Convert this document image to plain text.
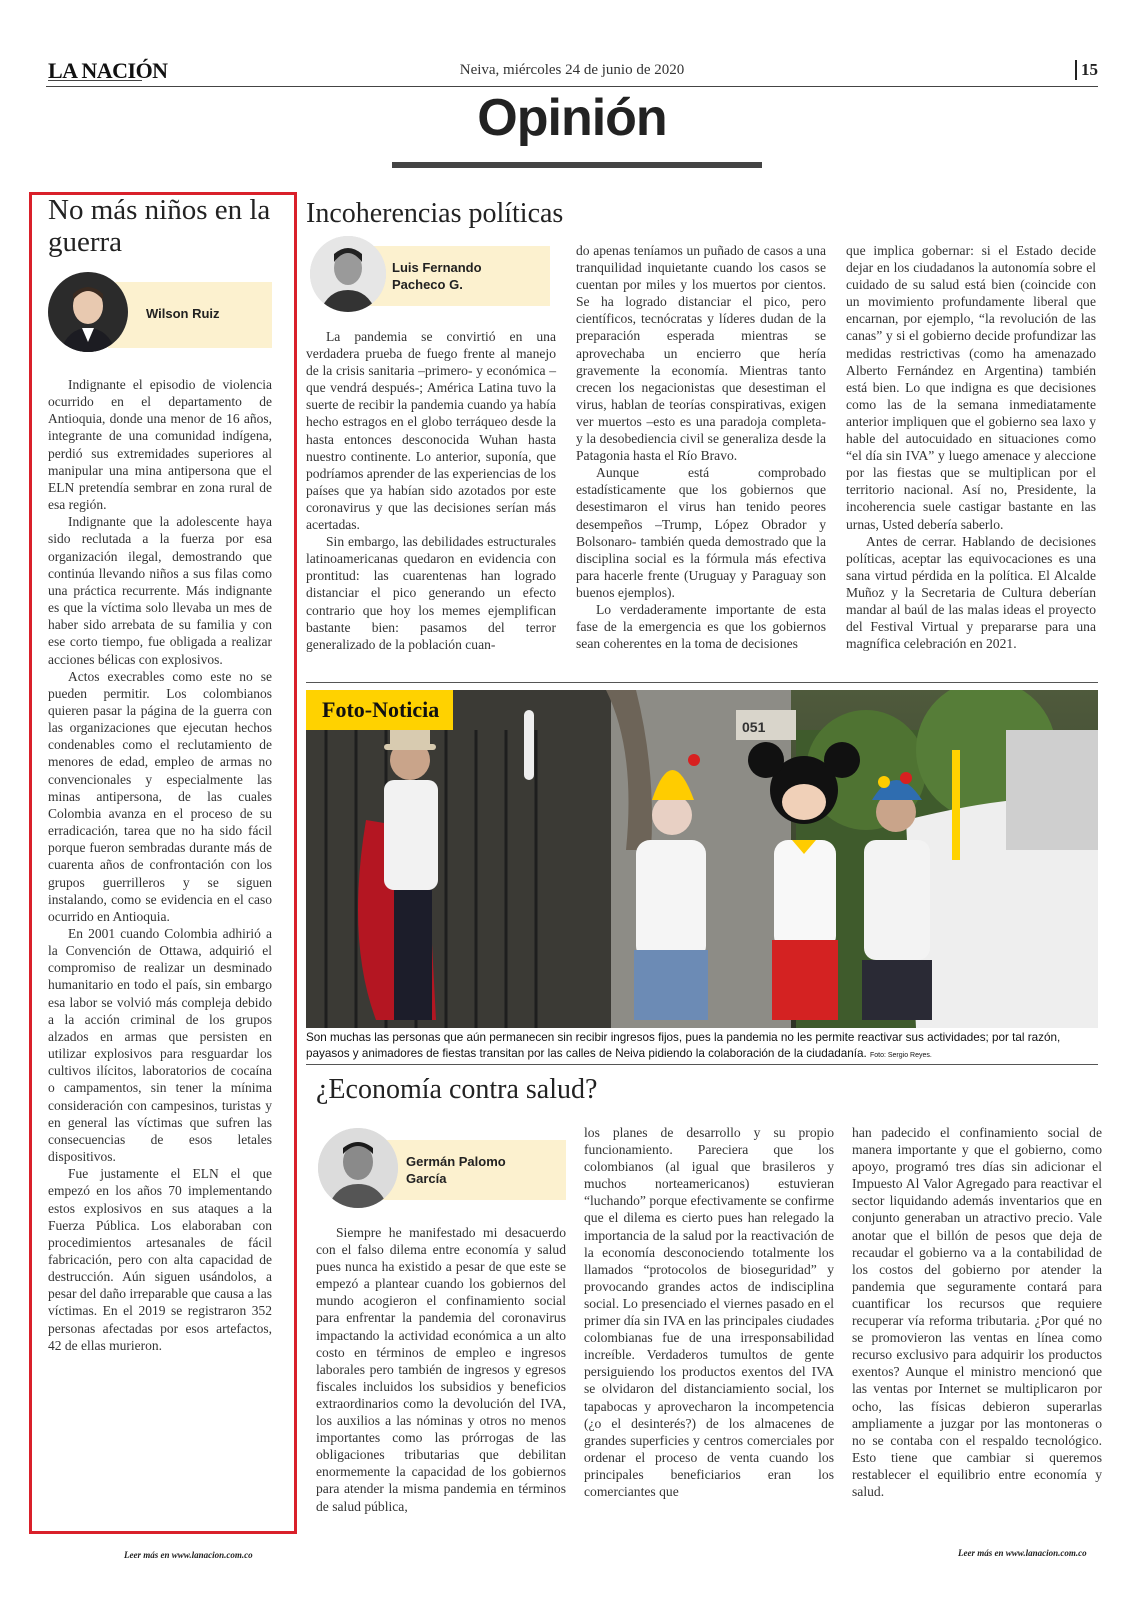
LA NACIÓN	Neiva, miércoles 24 de junio de 2020	15
Opinión
No más niños en la guerra
Wilson Ruiz

Indignante el episodio de violencia ocurrido en el departamento de Antioquia, donde una menor de 16 años, integrante de una comunidad indígena, perdió sus extremidades superiores al manipular una mina antipersona que el ELN pretendía sembrar en zona rural de esa región.

Indignante que la adolescente haya sido reclutada a la fuerza por esa organización ilegal, demostrando que continúa llevando niños a sus filas como una práctica recurrente. Más indignante es que la víctima solo llevaba un mes de haber sido arrebata de su familia y con ese corto tiempo, fue obligada a realizar acciones bélicas con explosivos.

Actos execrables como este no se pueden permitir. Los colombianos quieren pasar la página de la guerra con las organizaciones que ejecutan hechos condenables como el reclutamiento de menores de edad, empleo de armas no convencionales y especialmente las minas antipersona, de las cuales Colombia avanza en el proceso de su erradicación, tarea que no ha sido fácil porque fueron sembradas durante más de cuarenta años de confrontación con los grupos guerrilleros y se siguen instalando, como se evidencia en el caso ocurrido en Antioquia.

En 2001 cuando Colombia adhirió a la Convención de Ottawa, adquirió el compromiso de realizar un desminado humanitario en todo el país, sin embargo esa labor se volvió más compleja debido a la acción criminal de los grupos alzados en armas que persisten en utilizar explosivos para resguardar los cultivos ilícitos, laboratorios de cocaína o campamentos, sin tener la mínima consideración con campesinos, turistas y en general las víctimas que sufren las consecuencias de esos letales dispositivos.

Fue justamente el ELN el que empezó en los años 70 implementando estos explosivos en sus ataques a la Fuerza Pública. Los elaboraban con procedimientos artesanales de fácil fabricación, pero con alta capacidad de destrucción. Aún siguen usándolos, a pesar del daño irreparable que causa a las víctimas. En el 2019 se registraron 352 personas afectadas por esos artefactos, 42 de ellas murieron.

Leer más en www.lanacion.com.co
Incoherencias políticas
Luis Fernando
Pacheco G.

La pandemia se convirtió en una verdadera prueba de fuego frente al manejo de la crisis sanitaria –primero- y económica –que vendrá después-; América Latina tuvo la suerte de recibir la pandemia cuando ya había hecho estragos en el globo terráqueo desde la hasta entonces desconocida Wuhan hasta nuestro continente. Lo anterior, suponía, que podríamos aprender de las experiencias de los países que ya habían sido azotados por este coronavirus y que las decisiones serían más acertadas.

Sin embargo, las debilidades estructurales latinoamericanas quedaron en evidencia con prontitud: las cuarentenas han logrado distanciar el pico generando un efecto contrario que hoy los memes ejemplifican bastante bien: pasamos del terror generalizado de la población cuan-

do apenas teníamos un puñado de casos a una tranquilidad inquietante cuando los casos se cuentan por miles y los muertos por cientos. Se ha logrado distanciar el pico, pero científicos, tecnócratas y líderes dudan de la preparación esperada mientras se aprovechaba un encierro que hería gravemente la economía. Mientras tanto crecen los negacionistas que desestiman el virus, hablan de teorías conspirativas, exigen ver muertos –esto es una paradoja completa- y la desobediencia civil se generaliza desde la Patagonia hasta el Río Bravo.

Aunque está comprobado estadísticamente que los gobiernos que desestimaron el virus han tenido peores desempeños –Trump, López Obrador y Bolsonaro- también queda demostrado que la disciplina social es la fórmula más efectiva para hacerle frente (Uruguay y Paraguay son buenos ejemplos).

Lo verdaderamente importante de esta fase de la emergencia es que los gobiernos sean coherentes en la toma de decisiones

que implica gobernar: si el Estado decide dejar en los ciudadanos la autonomía sobre el cuidado de su salud está bien (coincide con un movimiento profundamente liberal que encarnan, por ejemplo, “la revolución de las canas” y si el gobierno decide profundizar las medidas restrictivas (como ha amenazado Alberto Fernández en Argentina) también está bien. Lo que indigna es que decisiones como las de la semana inmediatamente anterior impliquen que el gobierno sea laxo y hable del autocuidado en situaciones como “el día sin IVA” y luego amenace y aleccione por las fiestas que se multiplican por el territorio nacional. Así no, Presidente, la incoherencia suele castigar bastante en las urnas, Usted debería saberlo.

Antes de cerrar. Hablando de decisiones políticas, aceptar las equivocaciones es una sana virtud pérdida en la política. El Alcalde Muñoz y la Secretaria de Cultura deberían mandar al baúl de las malas ideas el proyecto del Festival Virtual y prepararse para una magnífica celebración en 2021.

051
Foto-Noticia
Son muchas las personas que aún permanecen sin recibir ingresos fijos, pues la pandemia no les permite reactivar sus actividades; por tal razón, payasos y animadores de fiestas transitan por las calles de Neiva pidiendo la colaboración de la ciudadanía. Foto: Sergio Reyes.
¿Economía contra salud?
Germán Palomo
García

Siempre he manifestado mi desacuerdo con el falso dilema entre economía y salud pues nunca ha existido a pesar de que este se empezó a plantear cuando los gobiernos del mundo acogieron el confinamiento social para enfrentar la pandemia del coronavirus impactando la actividad económica a un alto costo en términos de empleo e ingresos laborales pero también de ingresos y egresos fiscales incluidos los subsidios y beneficios extraordinarios como la devolución del IVA, los auxilios a las nóminas y otros no menos importantes como las prórrogas de las obligaciones tributarias que debilitan enormemente la capacidad de los gobiernos para atender la misma pandemia en términos de salud pública,

los planes de desarrollo y su propio funcionamiento. Pareciera que los colombianos (al igual que brasileros y muchos norteamericanos) estuvieran “luchando” porque efectivamente se confirme que el dilema es cierto pues han relegado la importancia de la salud por la reactivación de la economía desconociendo totalmente los llamados “protocolos de bioseguridad” y provocando grandes actos de indisciplina social. Lo presenciado el viernes pasado en el primer día sin IVA en las principales ciudades colombianas fue de una irresponsabilidad increíble. Verdaderos tumultos de gente persiguiendo los productos exentos del IVA se olvidaron del distanciamiento social, los tapabocas y aprovecharon la incompetencia (¿o el desinterés?) de los almacenes de grandes superficies y centros comerciales por ordenar el proceso de venta cuando los principales beneficiarios eran los comerciantes que

han padecido el confinamiento social de manera importante y que el gobierno, como apoyo, programó tres días sin adicionar el Impuesto Al Valor Agregado para reactivar el sector liquidando además inventarios que en conjunto generaban un atractivo precio. Vale anotar que el billón de pesos que deja de recaudar el gobierno va a la contabilidad de los costos del gobierno por atender la pandemia que seguramente contará para cuantificar los recursos que requiere recuperar vía reforma tributaria. ¿Por qué no se promovieron las ventas en línea como recurso exclusivo para adquirir los productos exentos? Aunque el ministro mencionó que las ventas por Internet se multiplicaron por ocho, las físicas debieron superarlas ampliamente a juzgar por las montoneras o no se contaba con el respaldo tecnológico. Esto tiene que cambiar si queremos restablecer el equilibrio entre economía y salud.

Leer más en www.lanacion.com.co
